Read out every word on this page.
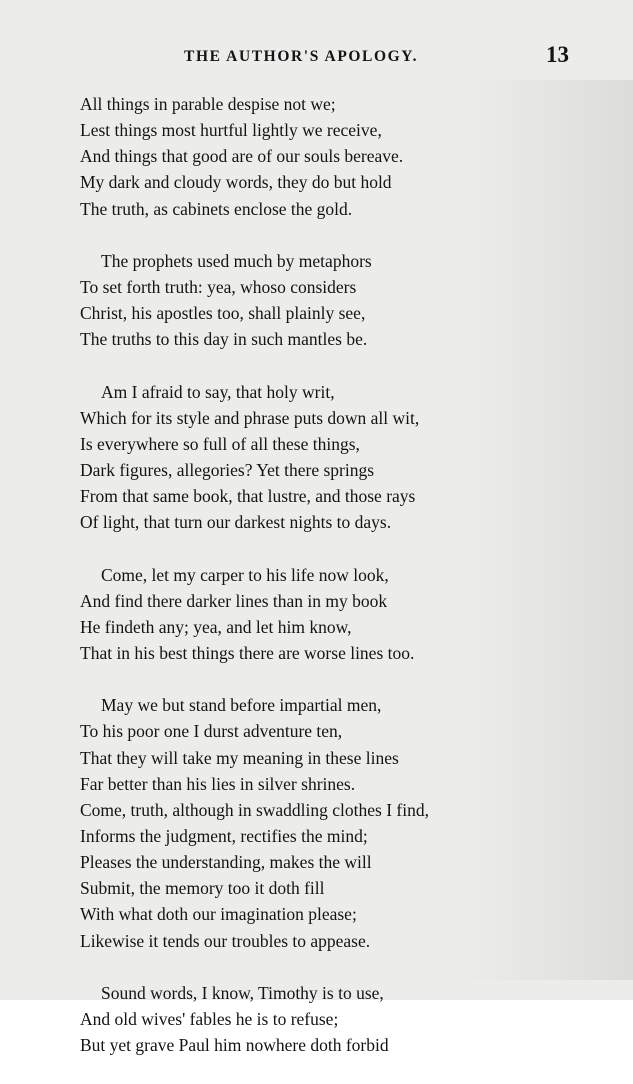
THE AUTHOR'S APOLOGY.	13
All things in parable despise not we;
Lest things most hurtful lightly we receive,
And things that good are of our souls bereave.
My dark and cloudy words, they do but hold
The truth, as cabinets enclose the gold.
The prophets used much by metaphors
To set forth truth: yea, whoso considers
Christ, his apostles too, shall plainly see,
The truths to this day in such mantles be.
Am I afraid to say, that holy writ,
Which for its style and phrase puts down all wit,
Is everywhere so full of all these things,
Dark figures, allegories? Yet there springs
From that same book, that lustre, and those rays
Of light, that turn our darkest nights to days.
Come, let my carper to his life now look,
And find there darker lines than in my book
He findeth any; yea, and let him know,
That in his best things there are worse lines too.
May we but stand before impartial men,
To his poor one I durst adventure ten,
That they will take my meaning in these lines
Far better than his lies in silver shrines.
Come, truth, although in swaddling clothes I find,
Informs the judgment, rectifies the mind;
Pleases the understanding, makes the will
Submit, the memory too it doth fill
With what doth our imagination please;
Likewise it tends our troubles to appease.
Sound words, I know, Timothy is to use,
And old wives' fables he is to refuse;
But yet grave Paul him nowhere doth forbid
